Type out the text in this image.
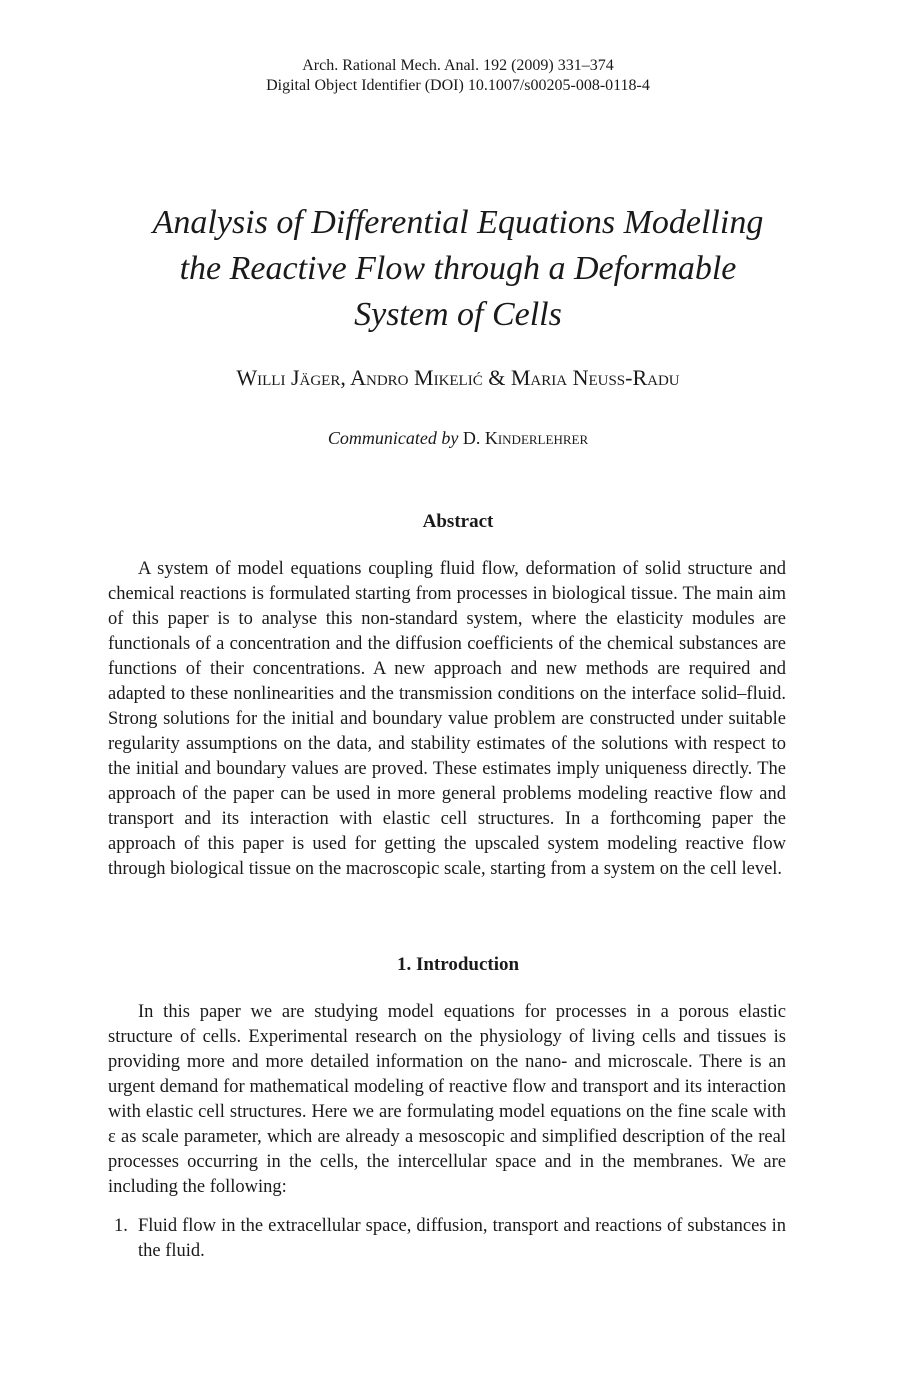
Arch. Rational Mech. Anal. 192 (2009) 331–374
Digital Object Identifier (DOI) 10.1007/s00205-008-0118-4
Analysis of Differential Equations Modelling
the Reactive Flow through a Deformable
System of Cells
Willi Jäger, Andro Mikelić & Maria Neuss-Radu
Communicated by D. Kinderlehrer
Abstract

A system of model equations coupling fluid flow, deformation of solid structure and chemical reactions is formulated starting from processes in biological tissue. The main aim of this paper is to analyse this non-standard system, where the elasticity modules are functionals of a concentration and the diffusion coefficients of the chemical substances are functions of their concentrations. A new approach and new methods are required and adapted to these nonlinearities and the transmission conditions on the interface solid–fluid. Strong solutions for the initial and boundary value problem are constructed under suitable regularity assumptions on the data, and stability estimates of the solutions with respect to the initial and boundary values are proved. These estimates imply uniqueness directly. The approach of the paper can be used in more general problems modeling reactive flow and transport and its interaction with elastic cell structures. In a forthcoming paper the approach of this paper is used for getting the upscaled system modeling reactive flow through biological tissue on the macroscopic scale, starting from a system on the cell level.

1. Introduction

In this paper we are studying model equations for processes in a porous elastic structure of cells. Experimental research on the physiology of living cells and tissues is providing more and more detailed information on the nano- and microscale. There is an urgent demand for mathematical modeling of reactive flow and transport and its interaction with elastic cell structures. Here we are formulating model equations on the fine scale with ε as scale parameter, which are already a mesoscopic and simplified description of the real processes occurring in the cells, the intercellular space and in the membranes. We are including the following:

1. Fluid flow in the extracellular space, diffusion, transport and reactions of substances in the fluid.
